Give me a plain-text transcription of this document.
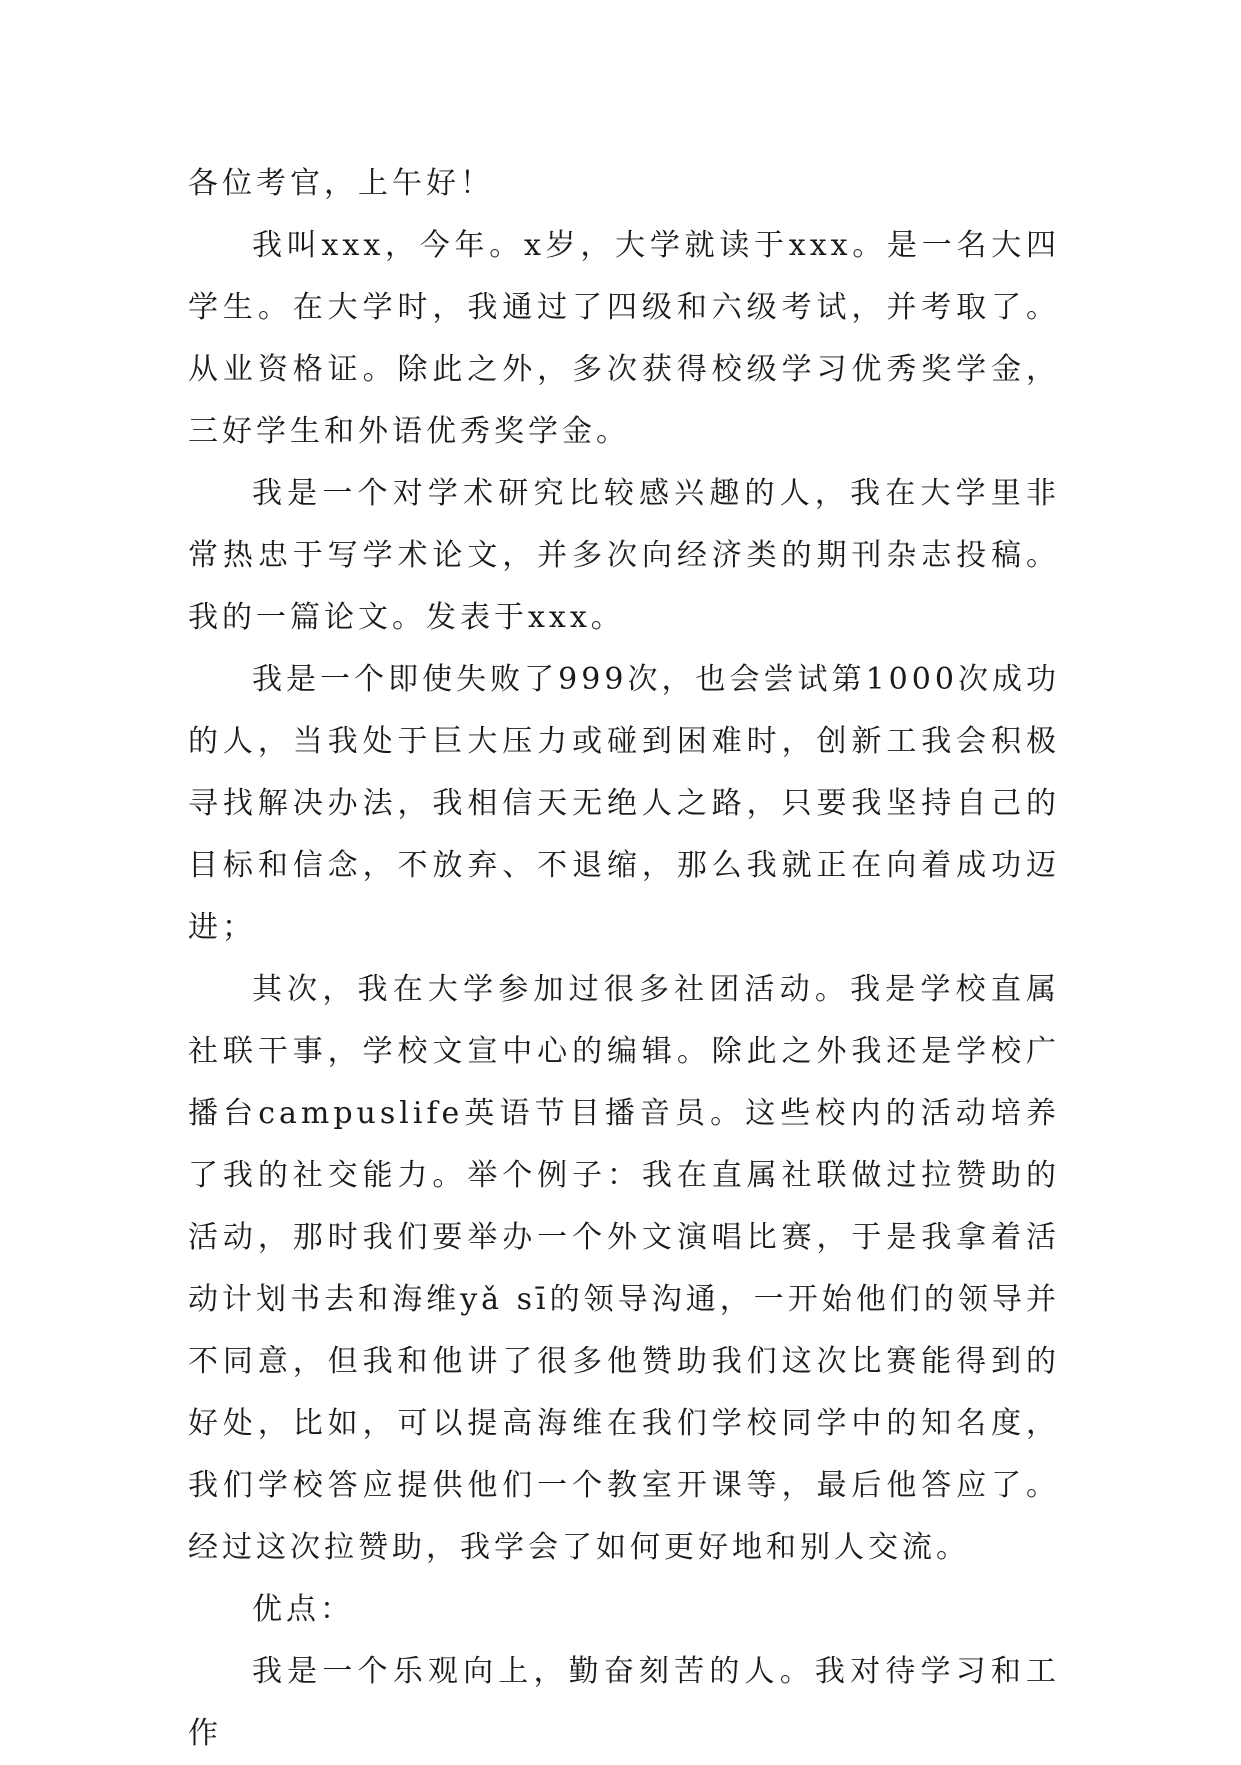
各位考官，上午好！

我叫xxx，今年。x岁，大学就读于xxx。是一名大四学生。在大学时，我通过了四级和六级考试，并考取了。从业资格证。除此之外，多次获得校级学习优秀奖学金，三好学生和外语优秀奖学金。

我是一个对学术研究比较感兴趣的人，我在大学里非常热忠于写学术论文，并多次向经济类的期刊杂志投稿。我的一篇论文。发表于xxx。

我是一个即使失败了999次，也会尝试第1000次成功的人，当我处于巨大压力或碰到困难时，创新工我会积极寻找解决办法，我相信天无绝人之路，只要我坚持自己的目标和信念，不放弃、不退缩，那么我就正在向着成功迈进；

其次，我在大学参加过很多社团活动。我是学校直属社联干事，学校文宣中心的编辑。除此之外我还是学校广播台campuslife英语节目播音员。这些校内的活动培养了我的社交能力。举个例子：我在直属社联做过拉赞助的活动，那时我们要举办一个外文演唱比赛，于是我拿着活动计划书去和海维yǎ sī的领导沟通，一开始他们的领导并不同意，但我和他讲了很多他赞助我们这次比赛能得到的好处，比如，可以提高海维在我们学校同学中的知名度，我们学校答应提供他们一个教室开课等，最后他答应了。经过这次拉赞助，我学会了如何更好地和别人交流。

优点：

我是一个乐观向上，勤奋刻苦的人。我对待学习和工作
